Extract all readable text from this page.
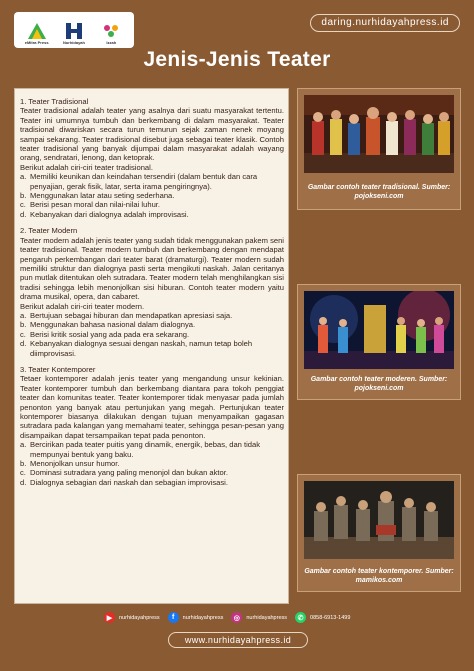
eMitra Press	Nurhidayah	Izzah
daring.nurhidayahpress.id
Jenis-Jenis Teater
1. Teater Tradisional

Teater tradisional adalah teater yang asalnya dari suatu masyarakat tertentu. Teater ini umumnya tumbuh dan berkembang di dalam masyarakat. Teater tradisional diwariskan secara turun temurun sejak zaman nenek moyang sampai sekarang. Teater tradisional disebut juga sebagai teater klasik. Contoh teater tradisional yang banyak dijumpai dalam masyarakat adalah wayang orang, sendratari, lenong, dan ketoprak.

Berikut adalah ciri-ciri teater tradisional.

a. Memiliki keunikan dan keindahan tersendiri (dalam bentuk dan cara penyajian, gerak fisik, latar, serta irama pengiringnya).
b. Menggunakan latar atau seting sederhana.
c. Berisi pesan moral dan nilai-nilai luhur.
d. Kebanyakan dari dialognya adalah improvisasi.
2. Teater Modern

Teater modern adalah jenis teater yang sudah tidak menggunakan pakem seni teater tradisional. Teater modern tumbuh dan berkembang dengan mendapat pengaruh perkembangan dari teater barat (dramaturgi). Teater modern sudah memiliki struktur dan dialognya pasti serta mengikuti naskah. Jalan ceritanya pun mutlak ditentukan oleh sutradara. Teater modern telah menghilangkan sisi tradisi sehingga lebih menonjolkan sisi hiburan. Contoh teater modern yaitu drama musikal, opera, dan cabaret.

Berikut adalah ciri-ciri teater modern.

a. Bertujuan sebagai hiburan dan mendapatkan apresiasi saja.
b. Menggunakan bahasa nasional dalam dialognya.
c. Berisi kritik sosial yang ada pada era sekarang.
d. Kebanyakan dialognya sesuai dengan naskah, namun tetap boleh diimprovisasi.
3. Teater Kontemporer

Tetaer kontemporer adalah jenis teater yang mengandung unsur kekinian. Teater kontemporer tumbuh dan berkembang diantara para tokoh penggiat teater dan komunitas teater. Teater kontemporer tidak menyasar pada jumlah penonton yang banyak atau pertunjukan yang megah. Pertunjukan teater kontemporer biasanya dilakukan dengan tujuan menyampaikan gagasan sutradara pada kalangan yang memahami teater, sehingga pesan-pesan yang disampaikan dapat tersampaikan tepat pada penonton.

a. Bercirikan pada teater puitis yang dinamik, energik, bebas, dan tidak mempunyai bentuk yang baku.
b. Menonjolkan unsur humor.
c. Dominasi sutradara yang paling menonjol dan bukan aktor.
d. Dialognya sebagian dari naskah dan sebagian improvisasi.
Gambar contoh teater tradisional. Sumber: pojokseni.com
Gambar contoh teater moderen. Sumber: pojokseni.com
Gambar contoh teater kontemporer. Sumber: mamikos.com
▶	nurhidayahpress	f	nurhidayahpress	◎	nurhidayahpress	✆	0858-6913-1499
www.nurhidayahpress.id
